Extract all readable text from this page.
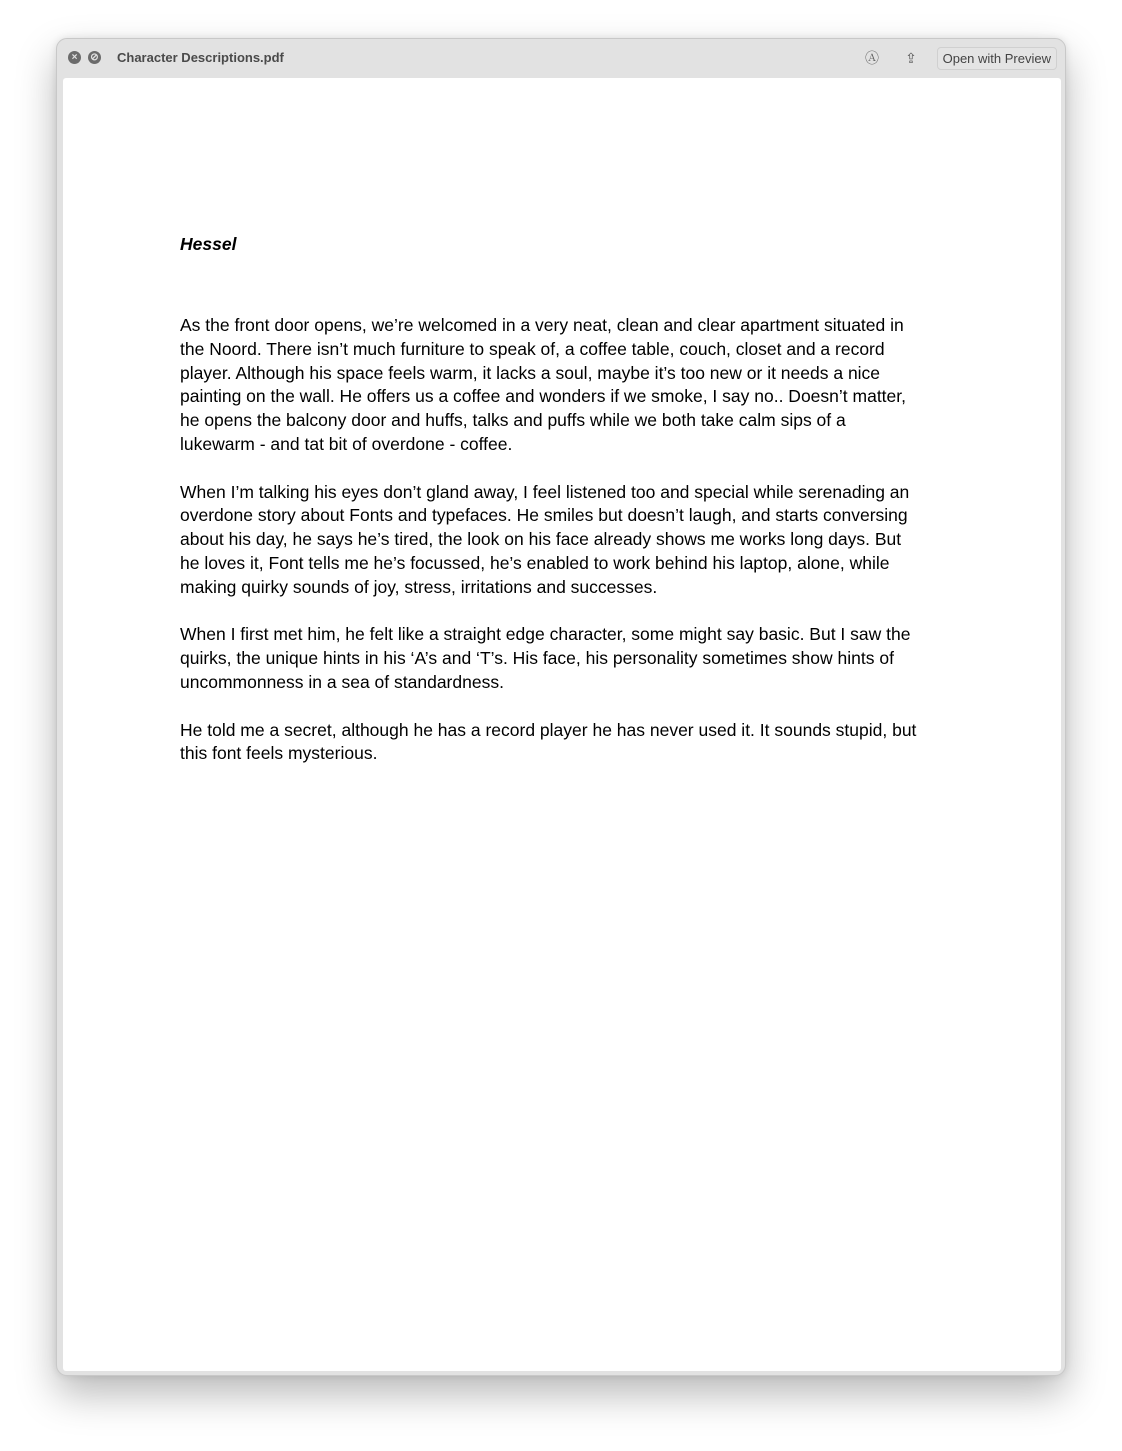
×	⊘ Character Descriptions.pdf	Ⓐ ⇪	Open with Preview
Hessel

As the front door opens, we’re welcomed in a very neat, clean and clear apartment situated in
the Noord. There isn’t much furniture to speak of, a coffee table, couch, closet and a record
player. Although his space feels warm, it lacks a soul, maybe it’s too new or it needs a nice
painting on the wall. He offers us a coffee and wonders if we smoke, I say no.. Doesn’t matter,
he opens the balcony door and huffs, talks and puffs while we both take calm sips of a
lukewarm - and tat bit of overdone - coffee.

When I’m talking his eyes don’t gland away, I feel listened too and special while serenading an
overdone story about Fonts and typefaces. He smiles but doesn’t laugh, and starts conversing
about his day, he says he’s tired, the look on his face already shows me works long days. But
he loves it, Font tells me he’s focussed, he’s enabled to work behind his laptop, alone, while
making quirky sounds of joy, stress, irritations and successes.

When I first met him, he felt like a straight edge character, some might say basic. But I saw the
quirks, the unique hints in his ‘A’s and ‘T’s. His face, his personality sometimes show hints of
uncommonness in a sea of standardness.

He told me a secret, although he has a record player he has never used it. It sounds stupid, but
this font feels mysterious.
